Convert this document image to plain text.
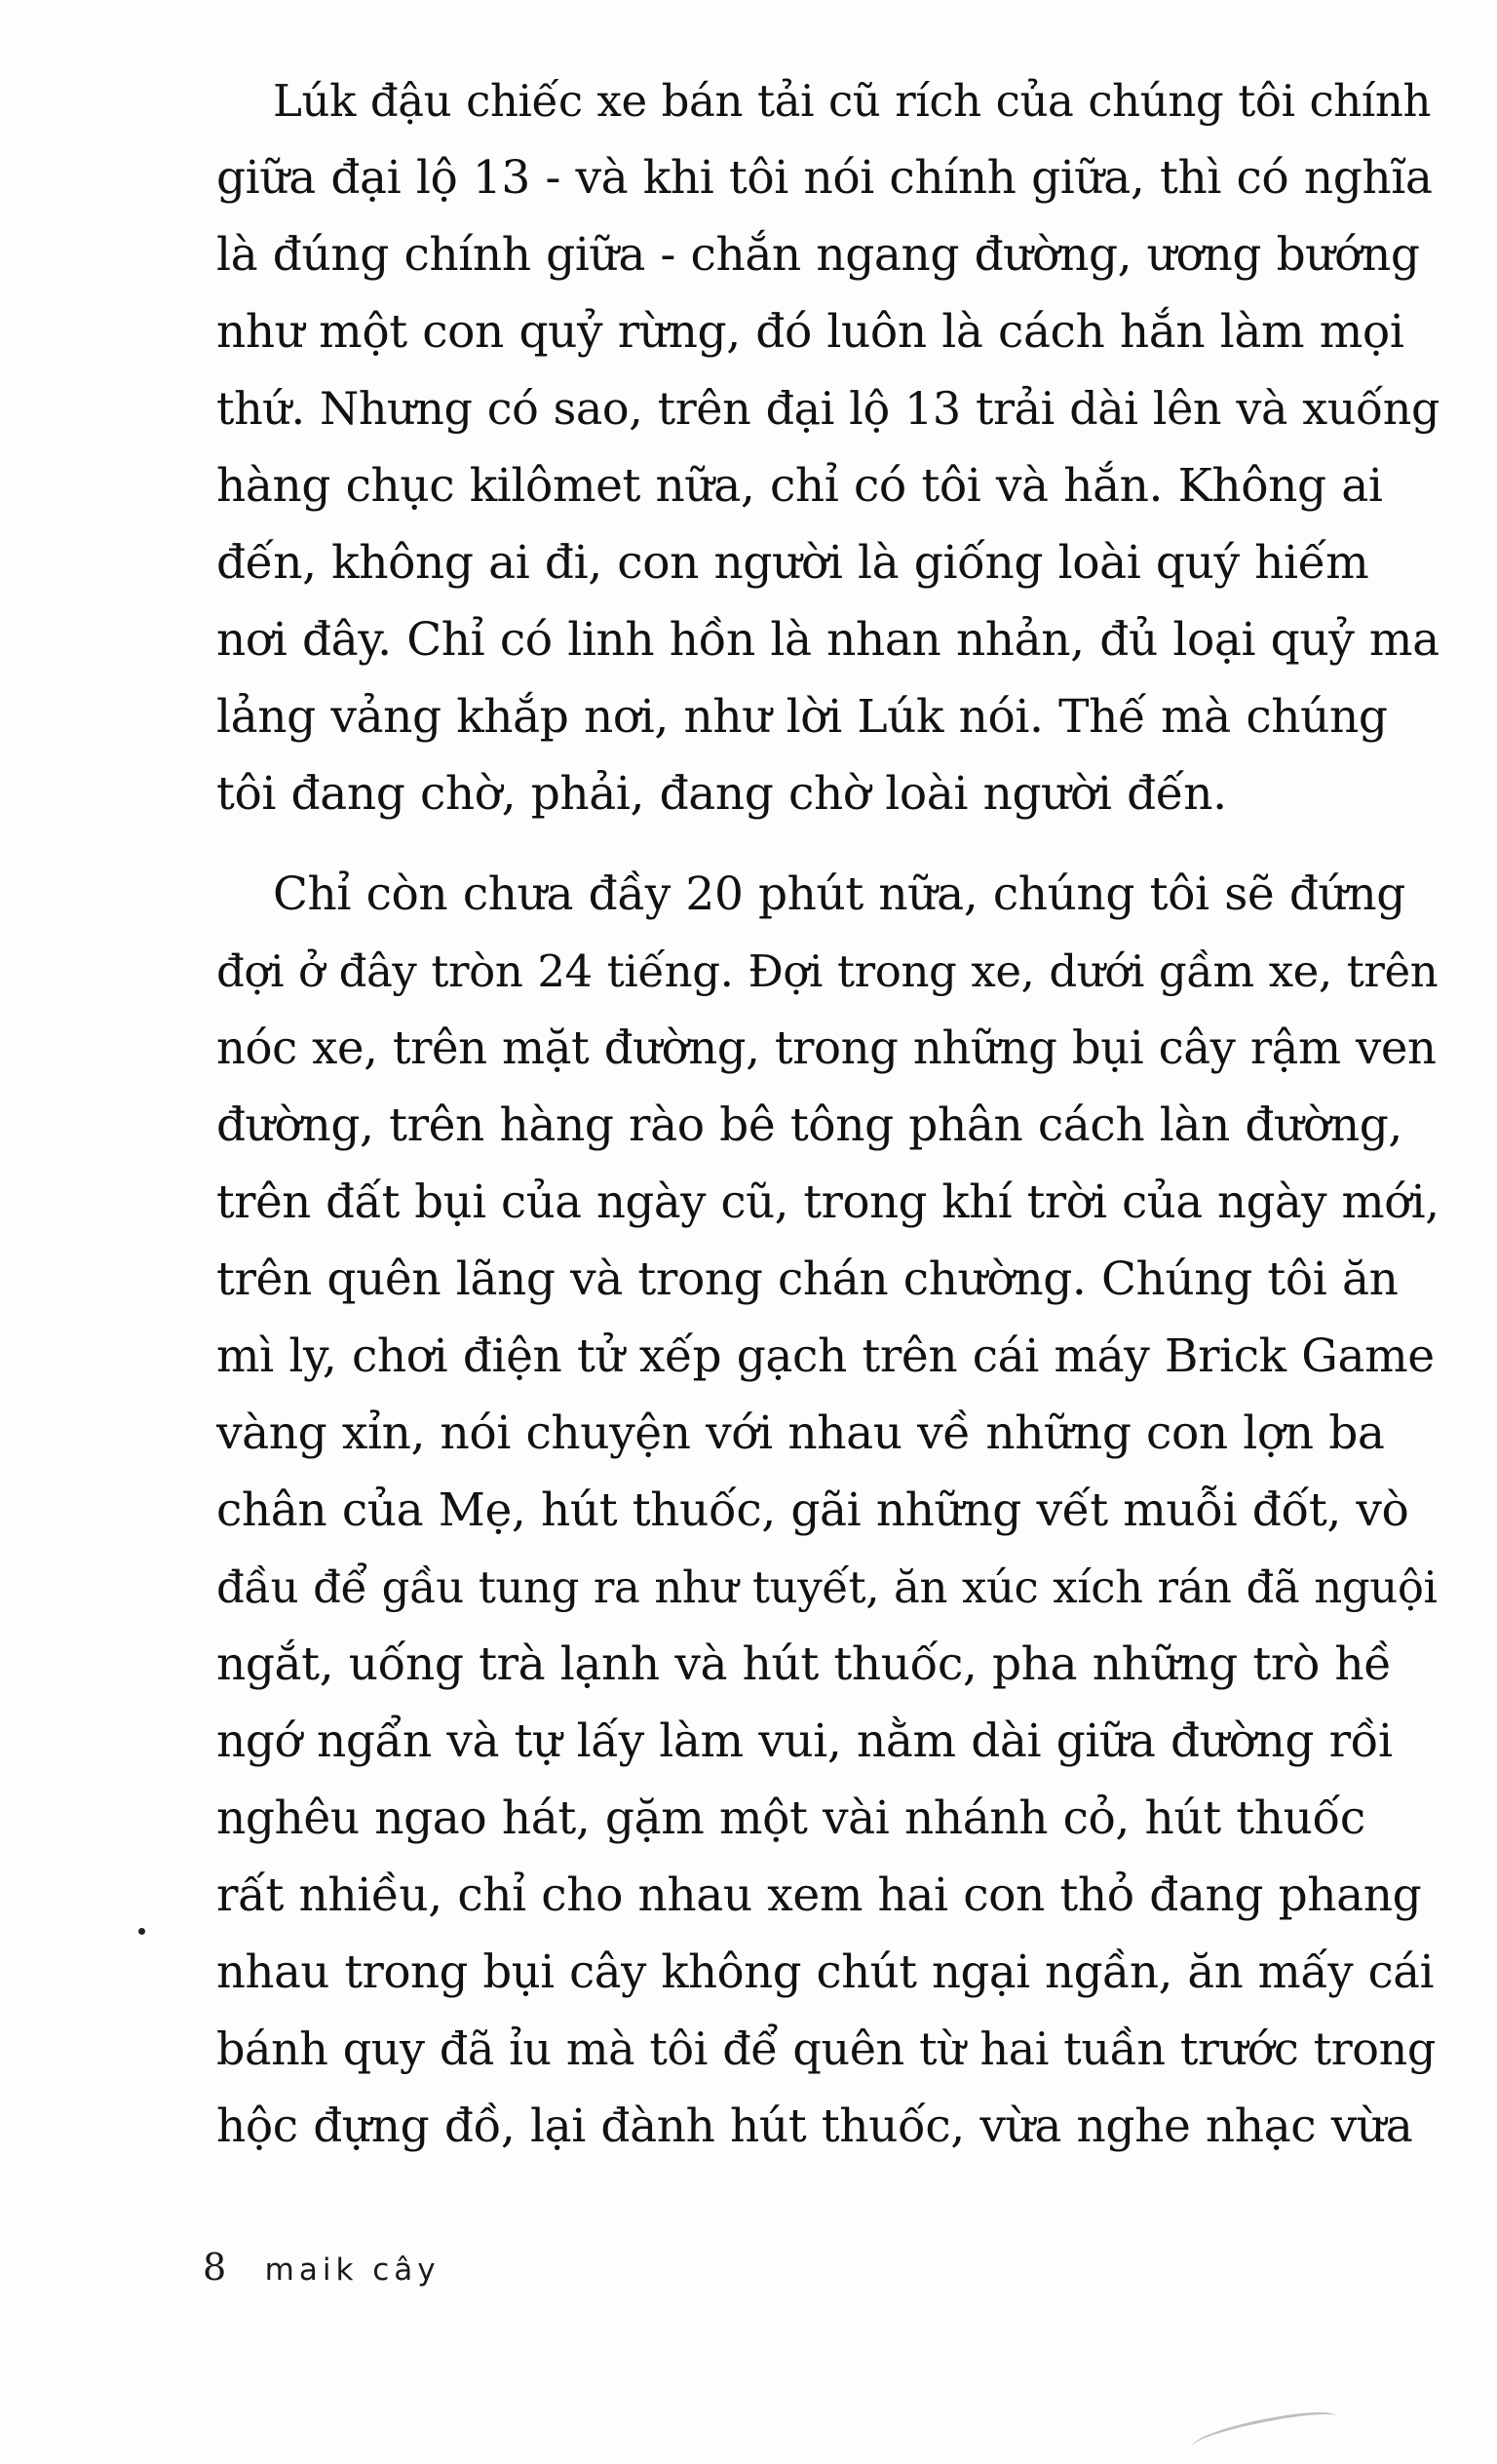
Lúk đậu chiếc xe bán tải cũ rích của chúng tôi chính
giữa đại lộ 13 - và khi tôi nói chính giữa, thì có nghĩa
là đúng chính giữa - chắn ngang đường, ương bướng
như một con quỷ rừng, đó luôn là cách hắn làm mọi
thứ. Nhưng có sao, trên đại lộ 13 trải dài lên và xuống
hàng chục kilômet nữa, chỉ có tôi và hắn. Không ai
đến, không ai đi, con người là giống loài quý hiếm
nơi đây. Chỉ có linh hồn là nhan nhản, đủ loại quỷ ma
lảng vảng khắp nơi, như lời Lúk nói. Thế mà chúng
tôi đang chờ, phải, đang chờ loài người đến.

Chỉ còn chưa đầy 20 phút nữa, chúng tôi sẽ đứng
đợi ở đây tròn 24 tiếng. Đợi trong xe, dưới gầm xe, trên
nóc xe, trên mặt đường, trong những bụi cây rậm ven
đường, trên hàng rào bê tông phân cách làn đường,
trên đất bụi của ngày cũ, trong khí trời của ngày mới,
trên quên lãng và trong chán chường. Chúng tôi ăn
mì ly, chơi điện tử xếp gạch trên cái máy Brick Game
vàng xỉn, nói chuyện với nhau về những con lợn ba
chân của Mẹ, hút thuốc, gãi những vết muỗi đốt, vò
đầu để gầu tung ra như tuyết, ăn xúc xích rán đã nguội
ngắt, uống trà lạnh và hút thuốc, pha những trò hề
ngớ ngẩn và tự lấy làm vui, nằm dài giữa đường rồi
nghêu ngao hát, gặm một vài nhánh cỏ, hút thuốc
rất nhiều, chỉ cho nhau xem hai con thỏ đang phang
nhau trong bụi cây không chút ngại ngần, ăn mấy cái
bánh quy đã ỉu mà tôi để quên từ hai tuần trước trong
hộc đựng đồ, lại đành hút thuốc, vừa nghe nhạc vừa

8 maik cây
